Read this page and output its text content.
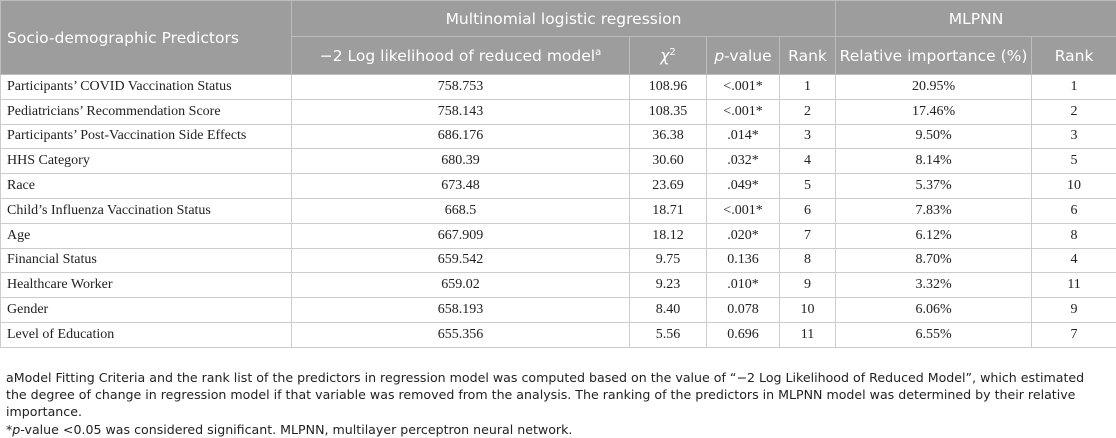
Socio-demographic Predictors	Multinomial logistic regression				MLPNN	
	−2 Log likelihood of reduced model$^a$	$\chi^2$	p-value	Rank	Relative importance (%)	Rank
Participants’ COVID Vaccination Status	758.753	108.96	<.001*	1	20.95%	1
Pediatricians’ Recommendation Score	758.143	108.35	<.001*	2	17.46%	2
Participants’ Post-Vaccination Side Effects	686.176	36.38	.014*	3	9.50%	3
HHS Category	680.39	30.60	.032*	4	8.14%	5
Race	673.48	23.69	.049*	5	5.37%	10
Child’s Influenza Vaccination Status	668.5	18.71	<.001*	6	7.83%	6
Age	667.909	18.12	.020*	7	6.12%	8
Financial Status	659.542	9.75	0.136	8	8.70%	4
Healthcare Worker	659.02	9.23	.010*	9	3.32%	11
Gender	658.193	8.40	0.078	10	6.06%	9
Level of Education	655.356	5.56	0.696	11	6.55%	7

aModel Fitting Criteria and the rank list of the predictors in regression model was computed based on the value of “−2 Log Likelihood of Reduced Model”, which estimated the degree of change in regression model if that variable was removed from the analysis. The ranking of the predictors in MLPNN model was determined by their relative importance.

*p-value <0.05 was considered significant. MLPNN, multilayer perceptron neural network.
